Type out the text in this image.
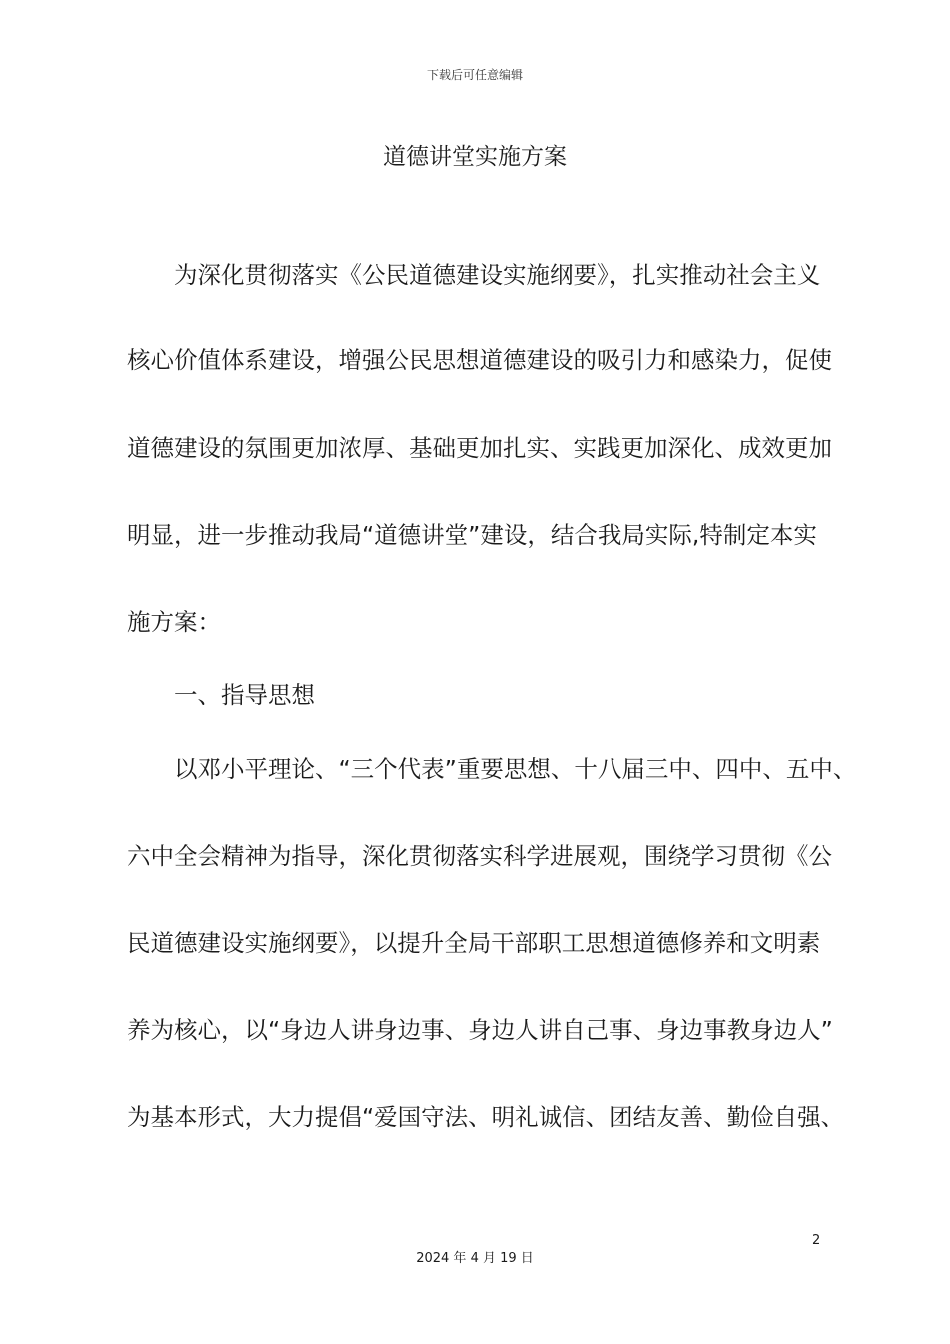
下载后可任意编辑
道德讲堂实施方案
为深化贯彻落实《公民道德建设实施纲要》，扎实推动社会主义
核心价值体系建设，增强公民思想道德建设的吸引力和感染力，促使
道德建设的氛围更加浓厚、基础更加扎实、实践更加深化、成效更加
明显，进一步推动我局“道德讲堂”建设，结合我局实际,特制定本实
施方案：
一、指导思想
以邓小平理论、“三个代表”重要思想、十八届三中、四中、五中、
六中全会精神为指导，深化贯彻落实科学进展观，围绕学习贯彻《公
民道德建设实施纲要》，以提升全局干部职工思想道德修养和文明素
养为核心，以“身边人讲身边事、身边人讲自己事、身边事教身边人”
为基本形式，大力提倡“爱国守法、明礼诚信、团结友善、勤俭自强、
2
2024 年 4 月 19 日
